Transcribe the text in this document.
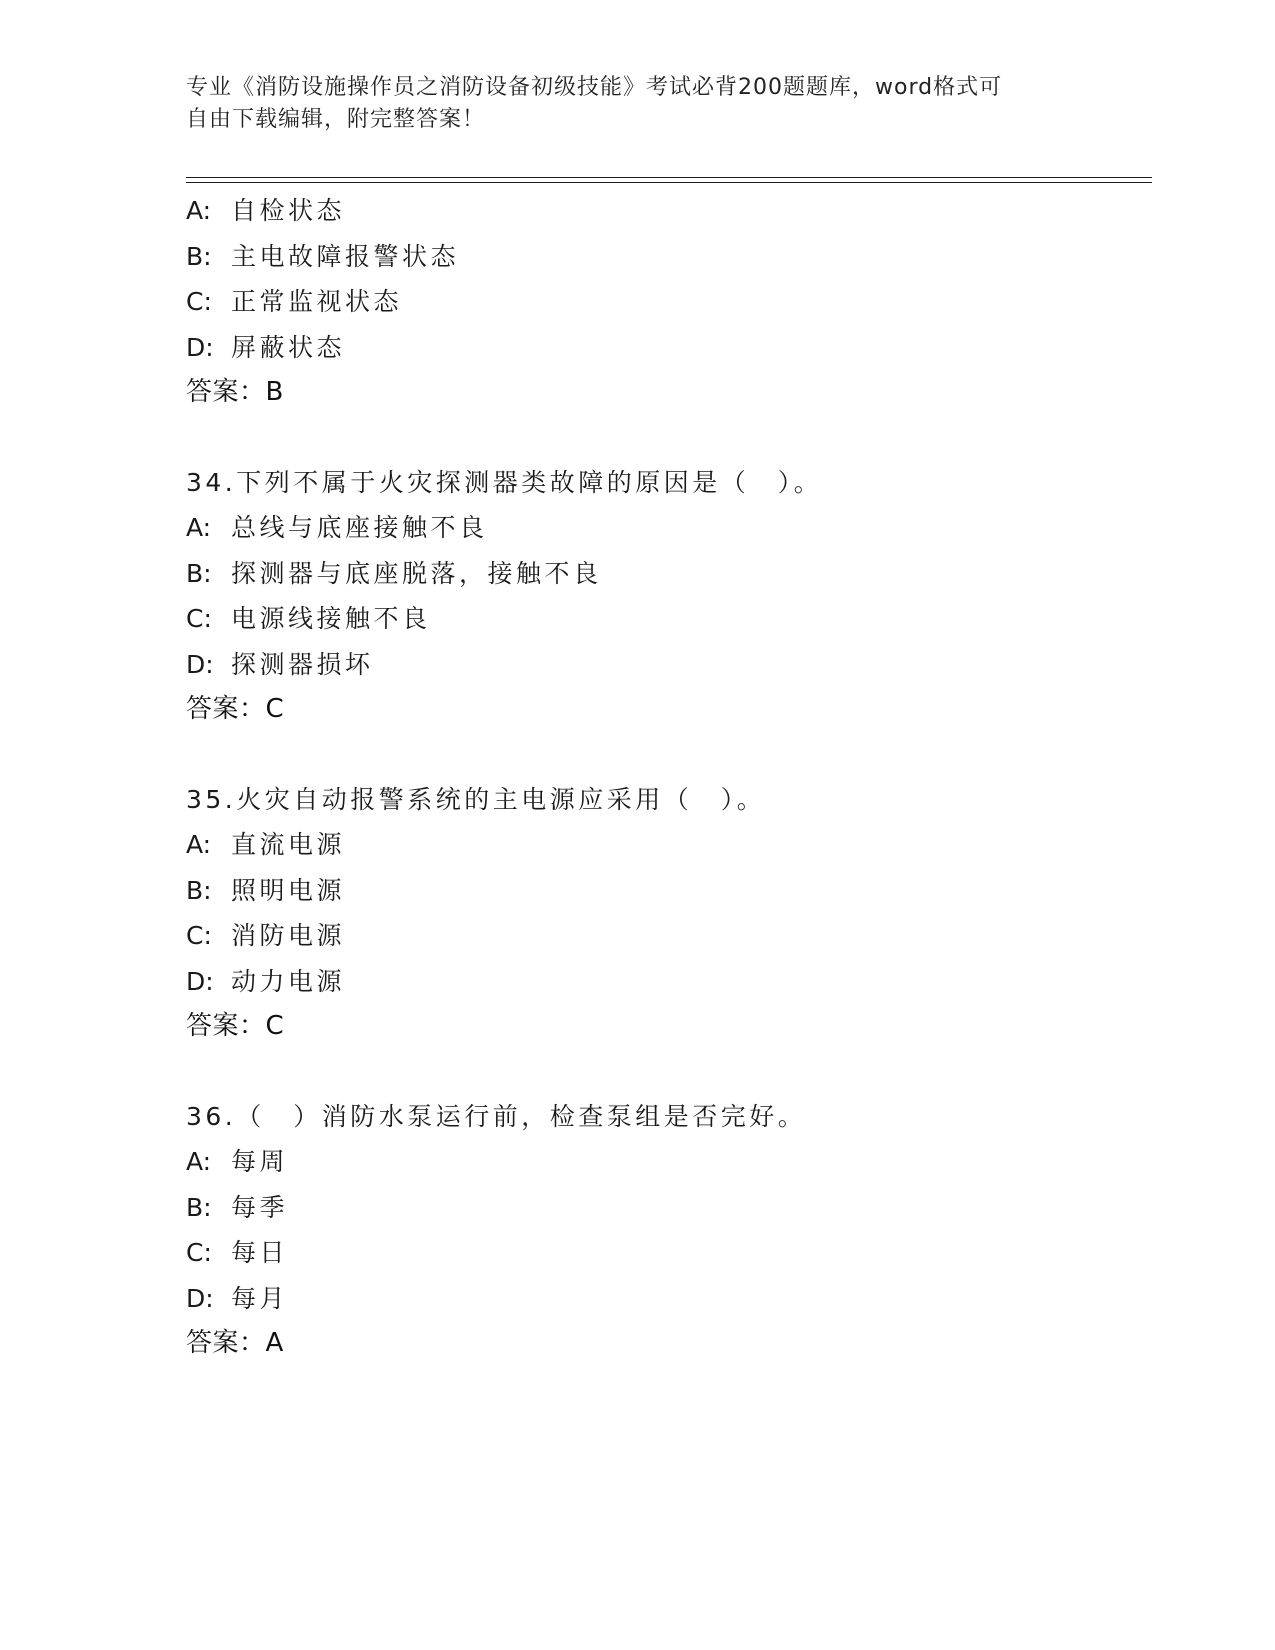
专业《消防设施操作员之消防设备初级技能》考试必背200题题库，word格式可
自由下载编辑，附完整答案！
A: 自检状态
B: 主电故障报警状态
C: 正常监视状态
D: 屏蔽状态
答案：B
34.下列不属于火灾探测器类故障的原因是（　）。
A: 总线与底座接触不良
B: 探测器与底座脱落，接触不良
C: 电源线接触不良
D: 探测器损坏
答案：C
35.火灾自动报警系统的主电源应采用（　）。
A: 直流电源
B: 照明电源
C: 消防电源
D: 动力电源
答案：C
36.（　）消防水泵运行前，检查泵组是否完好。
A: 每周
B: 每季
C: 每日
D: 每月
答案：A
